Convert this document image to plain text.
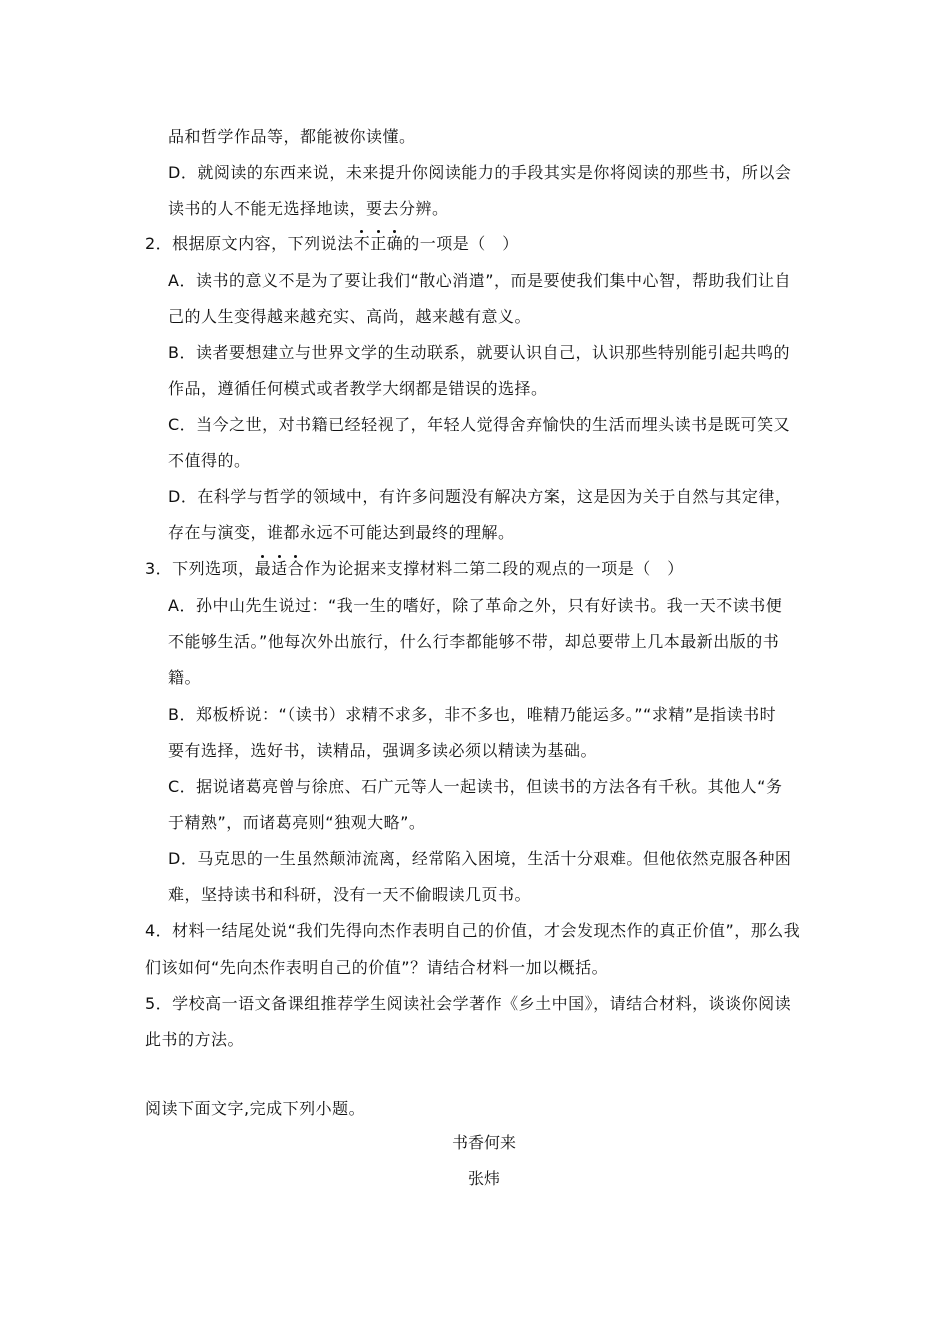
品和哲学作品等，都能被你读懂。
D．就阅读的东西来说，未来提升你阅读能力的手段其实是你将阅读的那些书，所以会
读书的人不能无选择地读，要去分辨。
2．根据原文内容，下列说法不正确的一项是（　）
A．读书的意义不是为了要让我们“散心消遣”，而是要使我们集中心智，帮助我们让自
己的人生变得越来越充实、高尚，越来越有意义。
B．读者要想建立与世界文学的生动联系，就要认识自己，认识那些特别能引起共鸣的
作品，遵循任何模式或者教学大纲都是错误的选择。
C．当今之世，对书籍已经轻视了，年轻人觉得舍弃愉快的生活而埋头读书是既可笑又
不值得的。
D．在科学与哲学的领域中，有许多问题没有解决方案，这是因为关于自然与其定律，
存在与演变，谁都永远不可能达到最终的理解。
3．下列选项，最适合作为论据来支撑材料二第二段的观点的一项是（　）
A．孙中山先生说过：“我一生的嗜好，除了革命之外，只有好读书。我一天不读书便
不能够生活。”他每次外出旅行，什么行李都能够不带，却总要带上几本最新出版的书
籍。
B．郑板桥说：“（读书）求精不求多，非不多也，唯精乃能运多。”“求精”是指读书时
要有选择，选好书，读精品，强调多读必须以精读为基础。
C．据说诸葛亮曾与徐庶、石广元等人一起读书，但读书的方法各有千秋。其他人“务
于精熟”，而诸葛亮则“独观大略”。
D．马克思的一生虽然颠沛流离，经常陷入困境，生活十分艰难。但他依然克服各种困
难，坚持读书和科研，没有一天不偷暇读几页书。
4．材料一结尾处说“我们先得向杰作表明自己的价值，才会发现杰作的真正价值”，那么我
们该如何“先向杰作表明自己的价值”？请结合材料一加以概括。
5．学校高一语文备课组推荐学生阅读社会学著作《乡土中国》，请结合材料，谈谈你阅读
此书的方法。
阅读下面文字,完成下列小题。
书香何来
张炜
